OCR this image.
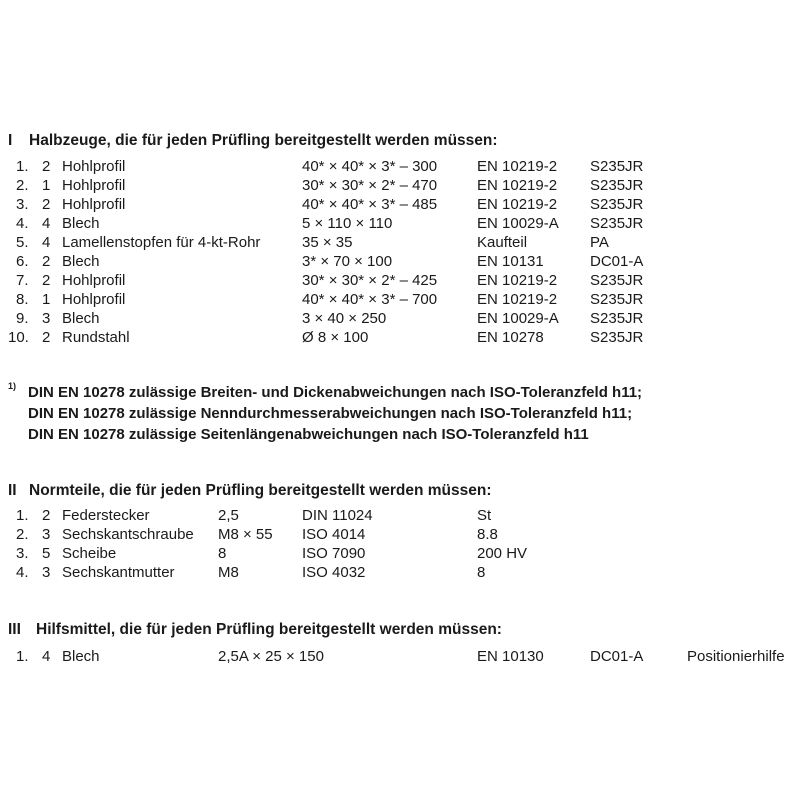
I Halbzeuge, die für jeden Prüfling bereitgestellt werden müssen:
1. 2 Hohlprofil	40* × 40* × 3* – 300	EN 10219-2 S235JR
2. 1 Hohlprofil	30* × 30* × 2* – 470	EN 10219-2 S235JR
3. 2 Hohlprofil	40* × 40* × 3* – 485	EN 10219-2 S235JR
4. 4 Blech	5 × 110 × 110	EN 10029-A S235JR
5. 4 Lamellenstopfen für 4-kt-Rohr	35 × 35	Kaufteil	PA
6. 2 Blech	3* × 70 × 100	EN 10131	DC01-A
7. 2 Hohlprofil	30* × 30* × 2* – 425	EN 10219-2 S235JR
8. 1 Hohlprofil	40* × 40* × 3* – 700	EN 10219-2 S235JR
9. 3 Blech	3 × 40 × 250	EN 10029-A S235JR
10. 2 Rundstahl	Ø 8 × 100	EN 10278	S235JR
1) DIN EN 10278 zulässige Breiten- und Dickenabweichungen nach ISO-Toleranzfeld h11;
DIN EN 10278 zulässige Nenndurchmesserabweichungen nach ISO-Toleranzfeld h11;
DIN EN 10278 zulässige Seitenlängenabweichungen nach ISO-Toleranzfeld h11
II Normteile, die für jeden Prüfling bereitgestellt werden müssen:
1. 2 Federstecker	2,5	DIN 11024	St
2. 3 Sechskantschraube M8 × 55 ISO 4014	8.8
3. 5 Scheibe	8	ISO 7090	200 HV
4. 3 Sechskantmutter	M8	ISO 4032	8
III Hilfsmittel, die für jeden Prüfling bereitgestellt werden müssen:
1. 4 Blech	2,5A × 25 × 150	EN 10130	DC01-A	Positionierhilfe
